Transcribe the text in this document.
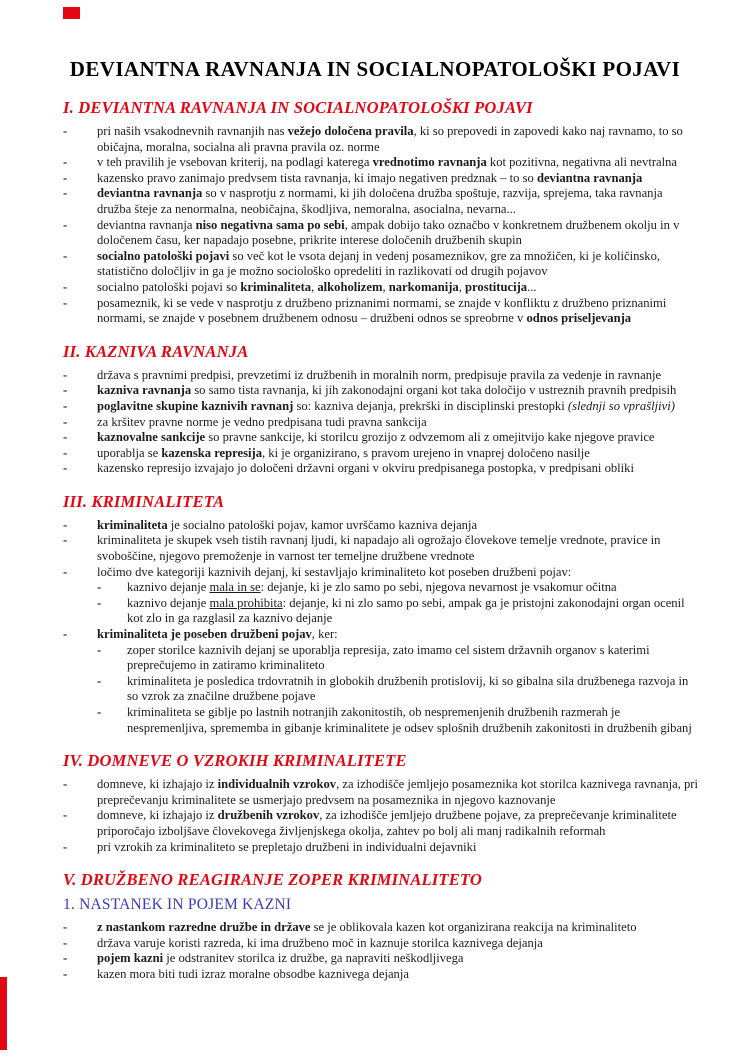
DEVIANTNA RAVNANJA IN SOCIALNOPATOLOŠKI POJAVI
I. DEVIANTNA RAVNANJA IN SOCIALNOPATOLOŠKI POJAVI
-	pri naših vsakodnevnih ravnanjih nas vežejo določena pravila, ki so prepovedi in zapovedi kako naj ravnamo, to so običajna, moralna, socialna ali pravna pravila oz. norme
-	v teh pravilih je vsebovan kriterij, na podlagi katerega vrednotimo ravnanja kot pozitivna, negativna ali nevtralna
-	kazensko pravo zanimajo predvsem tista ravnanja, ki imajo negativen predznak – to so deviantna ravnanja
-	deviantna ravnanja so v nasprotju z normami, ki jih določena družba spoštuje, razvija, sprejema, taka ravnanja družba šteje za nenormalna, neobičajna, škodljiva, nemoralna, asocialna, nevarna...
-	deviantna ravnanja niso negativna sama po sebi, ampak dobijo tako označbo v konkretnem družbenem okolju in v določenem času, ker napadajo posebne, prikrite interese določenih družbenih skupin
-	socialno patološki pojavi so več kot le vsota dejanj in vedenj posameznikov, gre za množičen, ki je količinsko, statistično določljiv in ga je možno sociološko opredeliti in razlikovati od drugih pojavov
-	socialno patološki pojavi so kriminaliteta, alkoholizem, narkomanija, prostitucija...
-	posameznik, ki se vede v nasprotju z družbeno priznanimi normami, se znajde v konfliktu z družbeno priznanimi normami, se znajde v posebnem družbenem odnosu – družbeni odnos se spreobrne v odnos priseljevanja
II. KAZNIVA RAVNANJA
-	država s pravnimi predpisi, prevzetimi iz družbenih in moralnih norm, predpisuje pravila za vedenje in ravnanje
-	kazniva ravnanja so samo tista ravnanja, ki jih zakonodajni organi kot taka določijo v ustreznih pravnih predpisih
-	poglavitne skupine kaznivih ravnanj so: kazniva dejanja, prekrški in disciplinski prestopki (slednji so vprašljivi)
-	za kršitev pravne norme je vedno predpisana tudi pravna sankcija
-	kaznovalne sankcije so pravne sankcije, ki storilcu grozijo z odvzemom ali z omejitvijo kake njegove pravice
-	uporablja se kazenska represija, ki je organizirano, s pravom urejeno in vnaprej določeno nasilje
-	kazensko represijo izvajajo jo določeni državni organi v okviru predpisanega postopka, v predpisani obliki
III. KRIMINALITETA
-	kriminaliteta je socialno patološki pojav, kamor uvrščamo kazniva dejanja
-	kriminaliteta je skupek vseh tistih ravnanj ljudi, ki napadajo ali ogrožajo človekove temelje vrednote, pravice in svoboščine, njegovo premoženje in varnost ter temeljne družbene vrednote
-	ločimo dve kategoriji kaznivih dejanj, ki sestavljajo kriminaliteto kot poseben družbeni pojav:
-	kaznivo dejanje mala in se: dejanje, ki je zlo samo po sebi, njegova nevarnost je vsakomur očitna
-	kaznivo dejanje mala prohibita: dejanje, ki ni zlo samo po sebi, ampak ga je pristojni zakonodajni organ ocenil kot zlo in ga razglasil za kaznivo dejanje
-	kriminaliteta je poseben družbeni pojav, ker:
-	zoper storilce kaznivih dejanj se uporablja represija, zato imamo cel sistem državnih organov s katerimi preprečujemo in zatiramo kriminaliteto
-	kriminaliteta je posledica trdovratnih in globokih družbenih protislovij, ki so gibalna sila družbenega razvoja in so vzrok za značilne družbene pojave
-	kriminaliteta se giblje po lastnih notranjih zakonitostih, ob nespremenjenih družbenih razmerah je nespremenljiva, sprememba in gibanje kriminalitete je odsev splošnih družbenih zakonitosti in družbenih gibanj
IV. DOMNEVE O VZROKIH KRIMINALITETE
-	domneve, ki izhajajo iz individualnih vzrokov, za izhodišče jemljejo posameznika kot storilca kaznivega ravnanja, pri preprečevanju kriminalitete se usmerjajo predvsem na posameznika in njegovo kaznovanje
-	domneve, ki izhajajo iz družbenih vzrokov, za izhodišče jemljejo družbene pojave, za preprečevanje kriminalitete priporočajo izboljšave človekovega življenjskega okolja, zahtev po bolj ali manj radikalnih reformah
-	pri vzrokih za kriminaliteto se prepletajo družbeni in individualni dejavniki
V. DRUŽBENO REAGIRANJE ZOPER KRIMINALITETO
1. NASTANEK IN POJEM KAZNI
-	z nastankom razredne družbe in države se je oblikovala kazen kot organizirana reakcija na kriminaliteto
-	država varuje koristi razreda, ki ima družbeno moč in kaznuje storilca kaznivega dejanja
-	pojem kazni je odstranitev storilca iz družbe, ga napraviti neškodljivega
-	kazen mora biti tudi izraz moralne obsodbe kaznivega dejanja
